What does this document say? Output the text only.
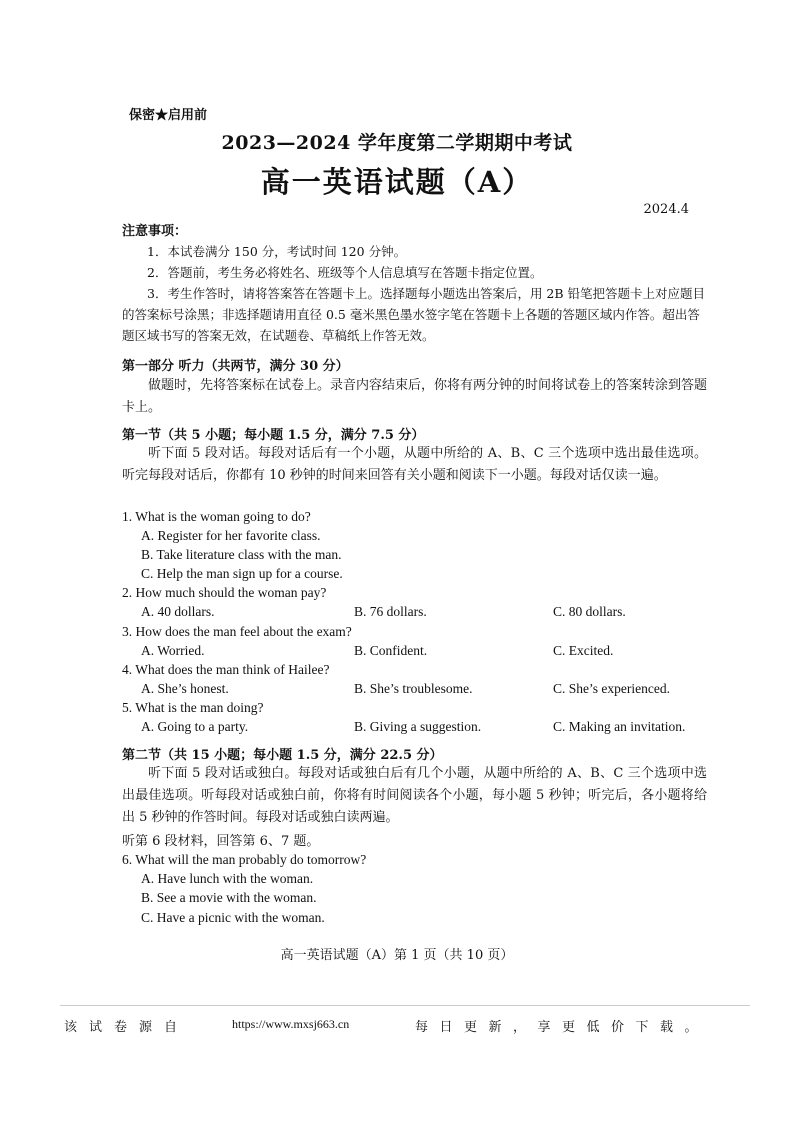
保密★启用前
2023—2024 学年度第二学期期中考试
高一英语试题（A）
2024.4
注意事项：

1．本试卷满分 150 分，考试时间 120 分钟。

2．答题前，考生务必将姓名、班级等个人信息填写在答题卡指定位置。

3．考生作答时，请将答案答在答题卡上。选择题每小题选出答案后，用 2B 铅笔把答题卡上对应题目的答案标号涂黑；非选择题请用直径 0.5 毫米黑色墨水签字笔在答题卡上各题的答题区域内作答。超出答题区域书写的答案无效，在试题卷、草稿纸上作答无效。

第一部分 听力（共两节，满分 30 分）

做题时，先将答案标在试卷上。录音内容结束后，你将有两分钟的时间将试卷上的答案转涂到答题卡上。

第一节（共 5 小题；每小题 1.5 分，满分 7.5 分）

听下面 5 段对话。每段对话后有一个小题，从题中所给的 A、B、C 三个选项中选出最佳选项。听完每段对话后，你都有 10 秒钟的时间来回答有关小题和阅读下一小题。每段对话仅读一遍。

1. What is the woman going to do?
A. Register for her favorite class.
B. Take literature class with the man.
C. Help the man sign up for a course.
2. How much should the woman pay?
A. 40 dollars.	B. 76 dollars.	C. 80 dollars.
3. How does the man feel about the exam?
A. Worried.	B. Confident.	C. Excited.
4. What does the man think of Hailee?
A. She’s honest.	B. She’s troublesome.	C. She’s experienced.
5. What is the man doing?
A. Going to a party.	B. Giving a suggestion.	C. Making an invitation.
第二节（共 15 小题；每小题 1.5 分，满分 22.5 分）

听下面 5 段对话或独白。每段对话或独白后有几个小题，从题中所给的 A、B、C 三个选项中选出最佳选项。听每段对话或独白前，你将有时间阅读各个小题，每小题 5 秒钟；听完后，各小题将给出 5 秒钟的作答时间。每段对话或独白读两遍。

听第 6 段材料，回答第 6、7 题。
6. What will the man probably do tomorrow?
A. Have lunch with the woman.
B. See a movie with the woman.
C. Have a picnic with the woman.
高一英语试题（A）第 1 页（共 10 页）
该试卷源自	https://www.mxsj663.cn	每日更新，享更低价下载。
